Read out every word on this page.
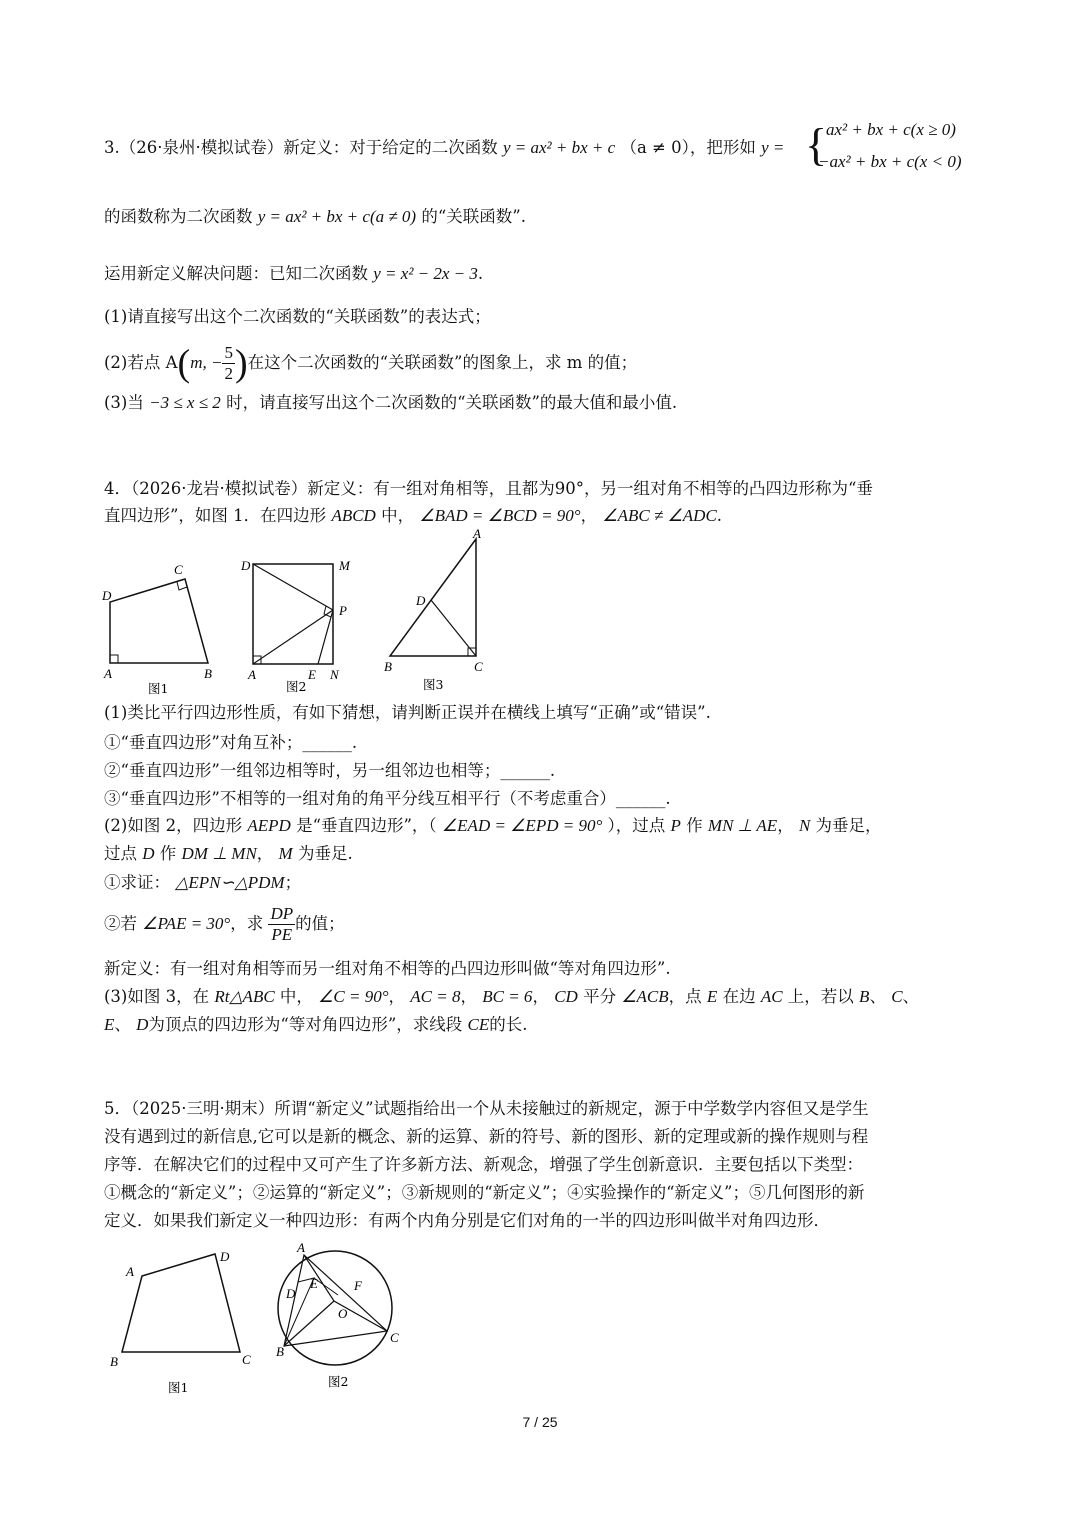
3.（26·泉州·模拟试卷）新定义：对于给定的二次函数 y = ax² + bx + c （a ≠ 0），把形如 y = {
ax² + bx + c(x ≥ 0)
−ax² + bx + c(x < 0)
的函数称为二次函数 y = ax² + bx + c(a ≠ 0) 的“关联函数”.
运用新定义解决问题：已知二次函数 y = x² − 2x − 3.
(1)请直接写出这个二次函数的“关联函数”的表达式；
(2)若点 A(m, − $\frac{5}{2}$ )在这个二次函数的“关联函数”的图象上，求 m 的值；
(3)当 −3 ≤ x ≤ 2 时，请直接写出这个二次函数的“关联函数”的最大值和最小值.
4．（2026·龙岩·模拟试卷）新定义：有一组对角相等，且都为90°，另一组对角不相等的凸四边形称为“垂
直四边形”，如图 1．在四边形 ABCD 中， ∠BAD = ∠BCD = 90°， ∠ABC ≠ ∠ADC.
C
D
A	B
图1
D	M
P
A	E N
图2
A
D
B	C
图3
(1)类比平行四边形性质，有如下猜想，请判断正误并在横线上填写“正确”或“错误”.
①“垂直四边形”对角互补；______.
②“垂直四边形”一组邻边相等时，另一组邻边也相等；______.
③“垂直四边形”不相等的一组对角的角平分线互相平行（不考虑重合）______.
(2)如图 2，四边形 AEPD 是“垂直四边形”，（ ∠EAD = ∠EPD = 90° ），过点 P 作 MN ⊥ AE， N 为垂足，
过点 D 作 DM ⊥ MN， M 为垂足.
①求证： △EPN∽△PDM；
②若 ∠PAE = 30°，求 $\frac{DP}{PE}$ 的值；
新定义：有一组对角相等而另一组对角不相等的凸四边形叫做“等对角四边形”.
(3)如图 3，在 Rt△ABC 中， ∠C = 90°， AC = 8， BC = 6， CD 平分 ∠ACB，点 E 在边 AC 上，若以 B、 C、
E、 D为顶点的四边形为“等对角四边形”，求线段 CE的长.
5．（2025·三明·期末）所谓“新定义”试题指给出一个从未接触过的新规定，源于中学数学内容但又是学生
没有遇到过的新信息,它可以是新的概念、新的运算、新的符号、新的图形、新的定理或新的操作规则与程
序等．在解决它们的过程中又可产生了许多新方法、新观念，增强了学生创新意识．主要包括以下类型：
①概念的“新定义”；②运算的“新定义”；③新规则的“新定义”；④实验操作的“新定义”；⑤几何图形的新
定义．如果我们新定义一种四边形：有两个内角分别是它们对角的一半的四边形叫做半对角四边形．
A
D
B	C
图1
A
E
D
F
O
B
C
图2
7 / 25
